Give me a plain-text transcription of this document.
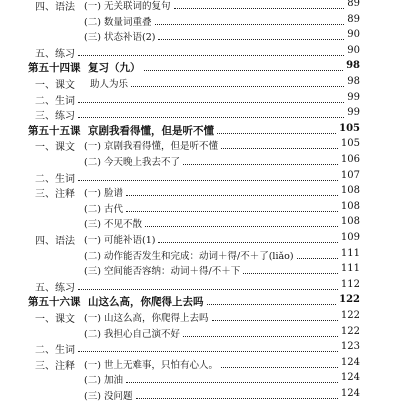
四、语法 (一) 无关联词的复句	89
(二) 数量词重叠	89
(三) 状态补语(2)	90
五、练习	90
第五十四课 复习（九）	98
一、课文 助人为乐	98
二、生词	99
三、练习	99
第五十五课 京剧我看得懂，但是听不懂	105
一、课文 (一) 京剧我看得懂，但是听不懂	105
(二) 今天晚上我去不了	106
二、生词	107
三、注释 (一) 脸谱	108
(二) 古代	108
(三) 不见不散	108
四、语法 (一) 可能补语(1)	109
(二) 动作能否发生和完成：动词＋得/不＋了(liǎo)	111
(三) 空间能否容纳：动词＋得/不＋下	111
五、练习	112
第五十六课 山这么高，你爬得上去吗	122
一、课文 (一) 山这么高，你爬得上去吗	122
(二) 我担心自己演不好	122
二、生词	123
三、注释 (一) 世上无难事，只怕有心人。	124
(二) 加油	124
(三) 没问题	124
